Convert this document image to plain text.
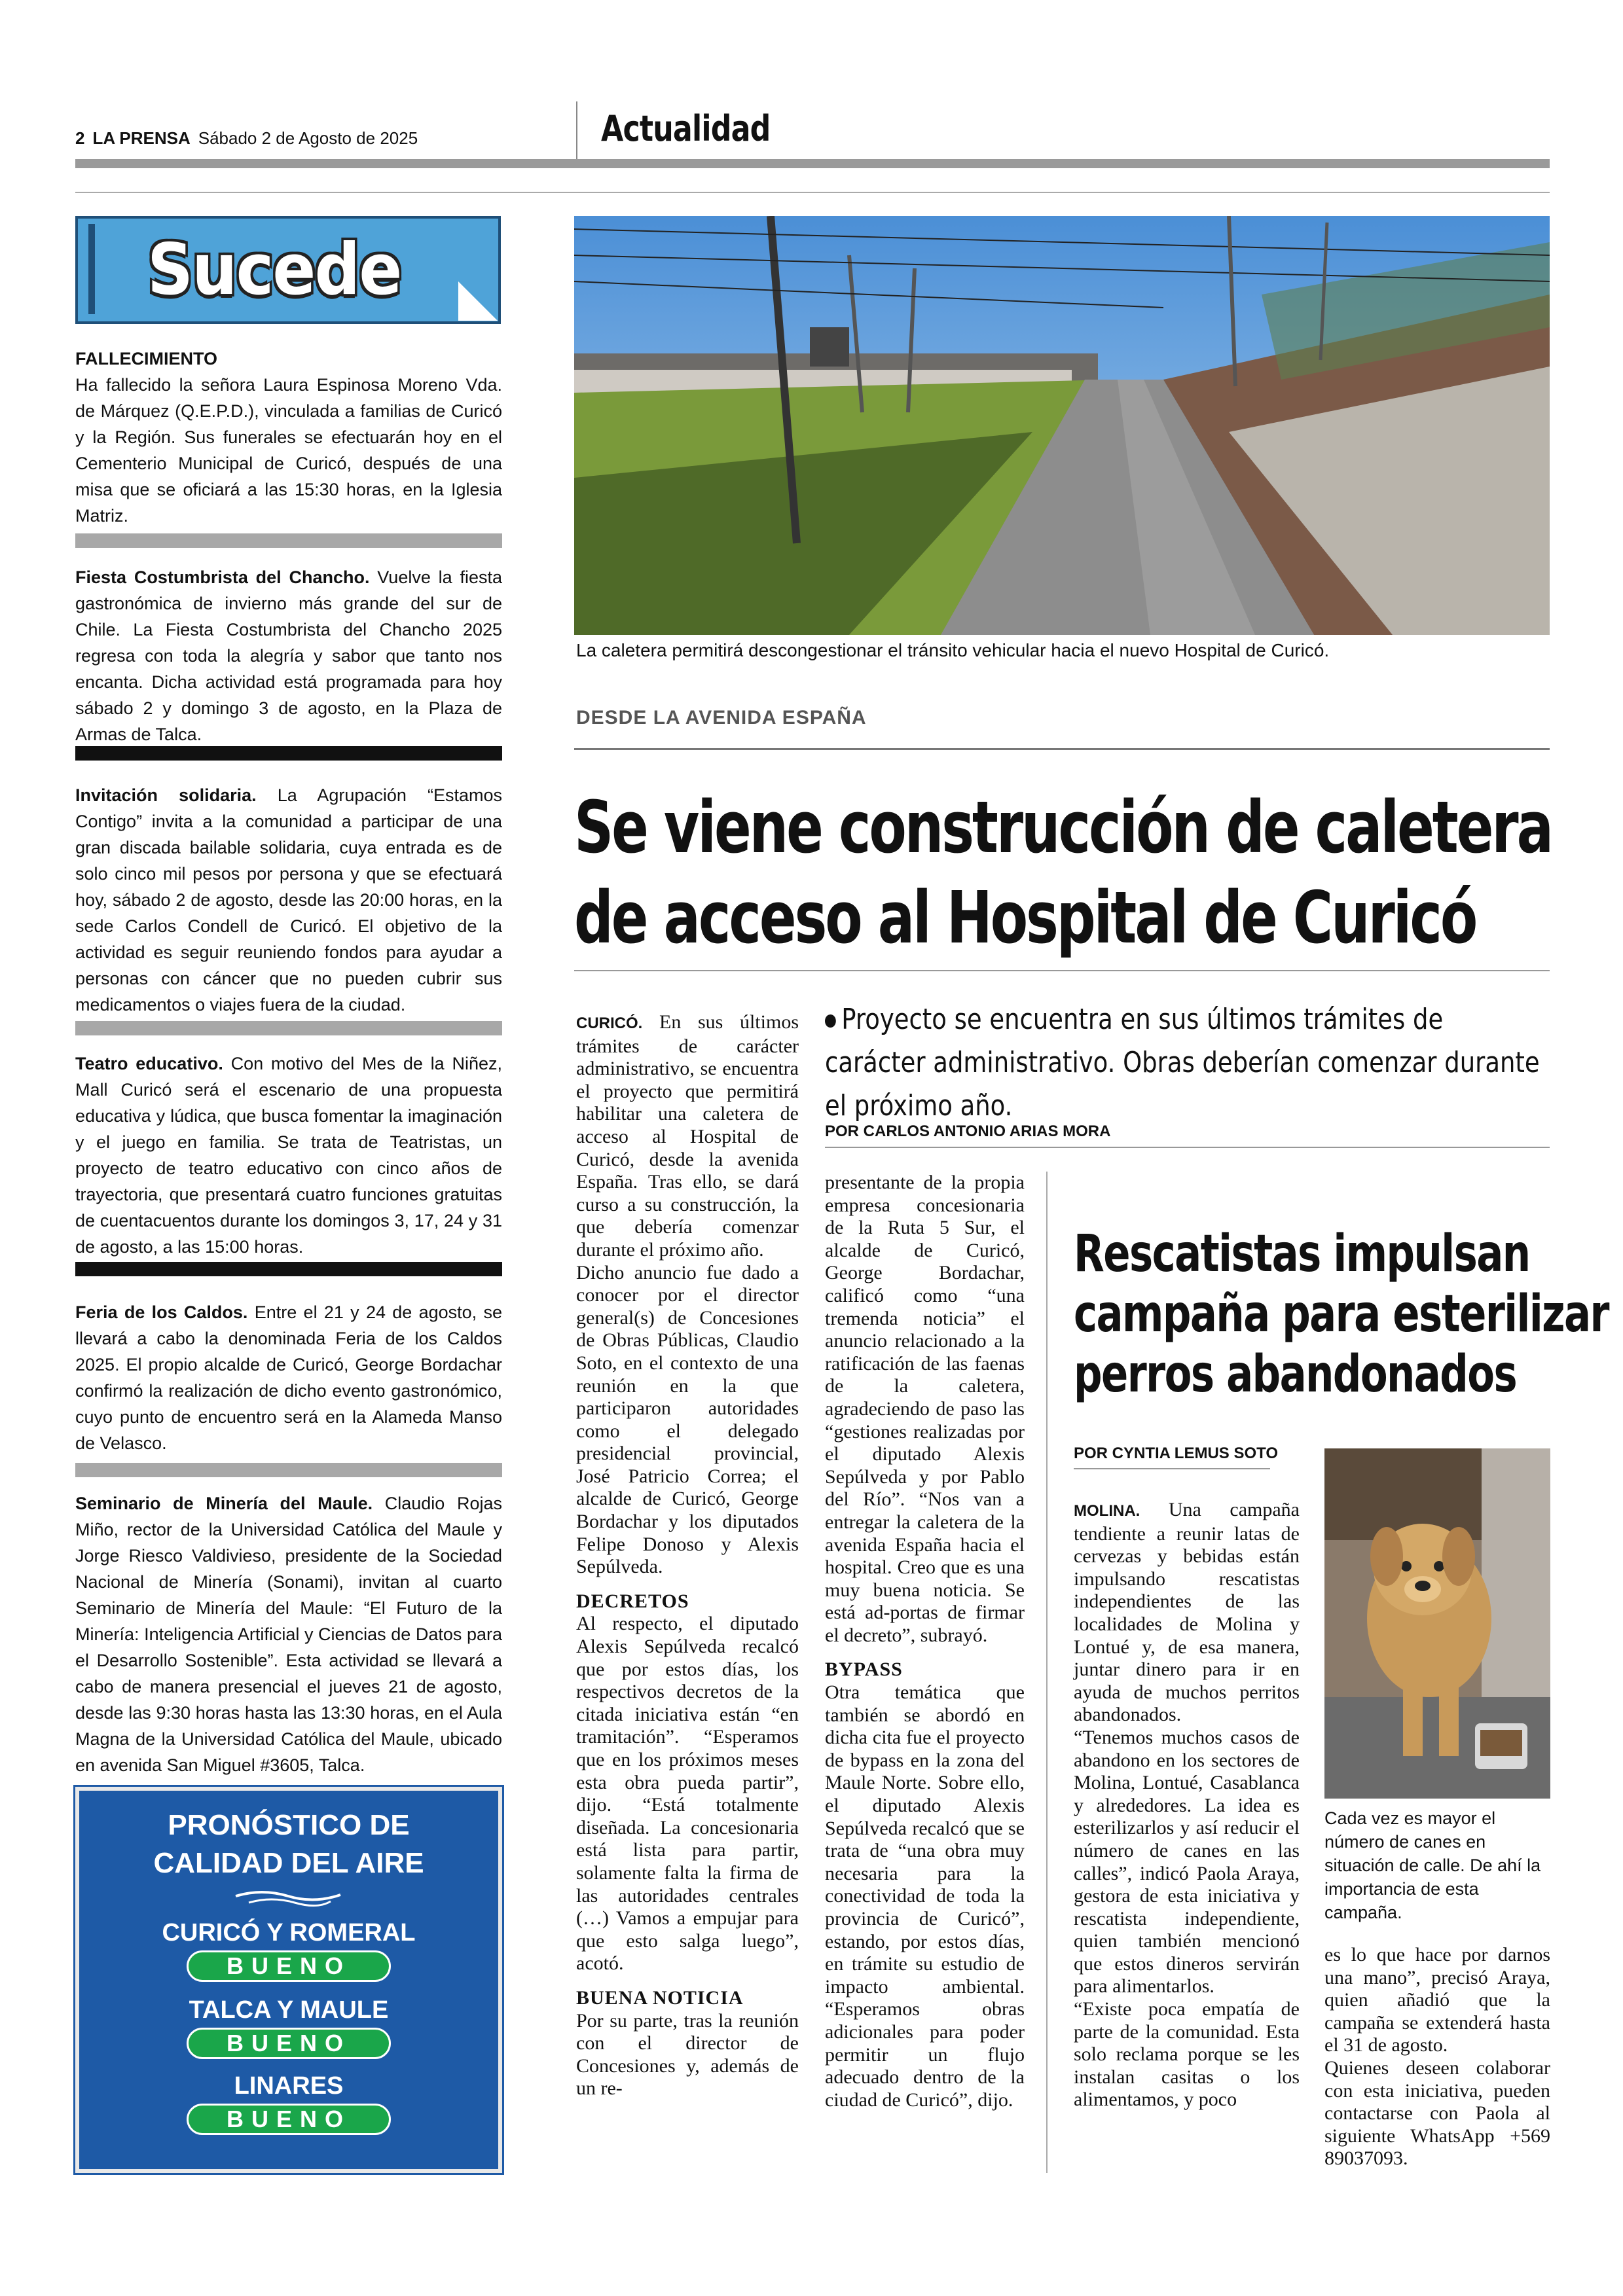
2 LA PRENSA Sábado 2 de Agosto de 2025	Actualidad
Sucede
FALLECIMIENTO
Ha fallecido la señora Laura Espinosa Moreno Vda. de Márquez (Q.E.P.D.), vinculada a familias de Curicó y la Región. Sus funerales se efectuarán hoy en el Cementerio Municipal de Curicó, después de una misa que se oficiará a las 15:30 horas, en la Iglesia Matriz.
Fiesta Costumbrista del Chancho. Vuelve la fiesta gastronómica de invierno más grande del sur de Chile. La Fiesta Costumbrista del Chancho 2025 regresa con toda la alegría y sabor que tanto nos encanta. Dicha actividad está programada para hoy sábado 2 y domingo 3 de agosto, en la Plaza de Armas de Talca.
Invitación solidaria. La Agrupación “Estamos Contigo” invita a la comunidad a participar de una gran discada bailable solidaria, cuya entrada es de solo cinco mil pesos por persona y que se efectuará hoy, sábado 2 de agosto, desde las 20:00 horas, en la sede Carlos Condell de Curicó. El objetivo de la actividad es seguir reuniendo fondos para ayudar a personas con cáncer que no pueden cubrir sus medicamentos o viajes fuera de la ciudad.
Teatro educativo. Con motivo del Mes de la Niñez, Mall Curicó será el escenario de una propuesta educativa y lúdica, que busca fomentar la imaginación y el juego en familia. Se trata de Teatristas, un proyecto de teatro educativo con cinco años de trayectoria, que presentará cuatro funciones gratuitas de cuentacuentos durante los domingos 3, 17, 24 y 31 de agosto, a las 15:00 horas.
Feria de los Caldos. Entre el 21 y 24 de agosto, se llevará a cabo la denominada Feria de los Caldos 2025. El propio alcalde de Curicó, George Bordachar confirmó la realización de dicho evento gastronómico, cuyo punto de encuentro será en la Alameda Manso de Velasco.
Seminario de Minería del Maule. Claudio Rojas Miño, rector de la Universidad Católica del Maule y Jorge Riesco Valdivieso, presidente de la Sociedad Nacional de Minería (Sonami), invitan al cuarto Seminario de Minería del Maule: “El Futuro de la Minería: Inteligencia Artificial y Ciencias de Datos para el Desarrollo Sostenible”. Esta actividad se llevará a cabo de manera presencial el jueves 21 de agosto, desde las 9:30 horas hasta las 13:30 horas, en el Aula Magna de la Universidad Católica del Maule, ubicado en avenida San Miguel #3605, Talca.
PRONÓSTICO DE
CALIDAD DEL AIRE
CURICÓ Y ROMERAL
BUENO
TALCA Y MAULE
BUENO
LINARES
BUENO
La caletera permitirá descongestionar el tránsito vehicular hacia el nuevo Hospital de Curicó.
DESDE LA AVENIDA ESPAÑA
Se viene construcción de caletera
de acceso al Hospital de Curicó
Proyecto se encuentra en sus últimos trámites de carácter administrativo. Obras deberían comenzar durante el próximo año.
POR CARLOS ANTONIO ARIAS MORA

CURICÓ. En sus últimos trámites de carácter administrativo, se encuentra el proyecto que permitirá habilitar una caletera de acceso al Hospital de Curicó, desde la avenida España. Tras ello, se dará curso a su construcción, la que debería comenzar durante el próximo año.

Dicho anuncio fue dado a conocer por el director general(s) de Concesiones de Obras Públicas, Claudio Soto, en el contexto de una reunión en la que participaron autoridades como el delegado presidencial provincial, José Patricio Correa; el alcalde de Curicó, George Bordachar y los diputados Felipe Donoso y Alexis Sepúlveda.

DECRETOS

Al respecto, el diputado Alexis Sepúlveda recalcó que por estos días, los respectivos decretos de la citada iniciativa están “en tramitación”. “Esperamos que en los próximos meses esta obra pueda partir”, dijo. “Está totalmente diseñada. La concesionaria está lista para partir, solamente falta la firma de las autoridades centrales (…) Vamos a empujar para que esto salga luego”, acotó.

BUENA NOTICIA

Por su parte, tras la reunión con el director de Concesiones y, además de un re-

presentante de la propia empresa concesionaria de la Ruta 5 Sur, el alcalde de Curicó, George Bordachar, calificó como “una tremenda noticia” el anuncio relacionado a la ratificación de las faenas de la caletera, agradeciendo de paso las “gestiones realizadas por el diputado Alexis Sepúlveda y por Pablo del Río”. “Nos van a entregar la caletera de la avenida España hacia el hospital. Creo que es una muy buena noticia. Se está ad-portas de firmar el decreto”, subrayó.

BYPASS

Otra temática que también se abordó en dicha cita fue el proyecto de bypass en la zona del Maule Norte. Sobre ello, el diputado Alexis Sepúlveda recalcó que se trata de “una obra muy necesaria para la conectividad de toda la provincia de Curicó”, estando, por estos días, en trámite su estudio de impacto ambiental. “Esperamos obras adicionales para poder permitir un flujo adecuado dentro de la ciudad de Curicó”, dijo.

Rescatistas impulsan
campaña para esterilizar
perros abandonados
POR CYNTIA LEMUS SOTO

MOLINA. Una campaña tendiente a reunir latas de cervezas y bebidas están impulsando rescatistas independientes de las localidades de Molina y Lontué y, de esa manera, juntar dinero para ir en ayuda de muchos perritos abandonados.

“Tenemos muchos casos de abandono en los sectores de Molina, Lontué, Casablanca y alrededores. La idea es esterilizarlos y así reducir el número de canes en las calles”, indicó Paola Araya, gestora de esta iniciativa y rescatista independiente, quien también mencionó que estos dineros servirán para alimentarlos.

“Existe poca empatía de parte de la comunidad. Esta solo reclama porque se les instalan casitas o los alimentamos, y poco

Cada vez es mayor el número de canes en situación de calle. De ahí la importancia de esta campaña.

es lo que hace por darnos una mano”, precisó Araya, quien añadió que la campaña se extenderá hasta el 31 de agosto.

Quienes deseen colaborar con esta iniciativa, pueden contactarse con Paola al siguiente WhatsApp +569 89037093.
